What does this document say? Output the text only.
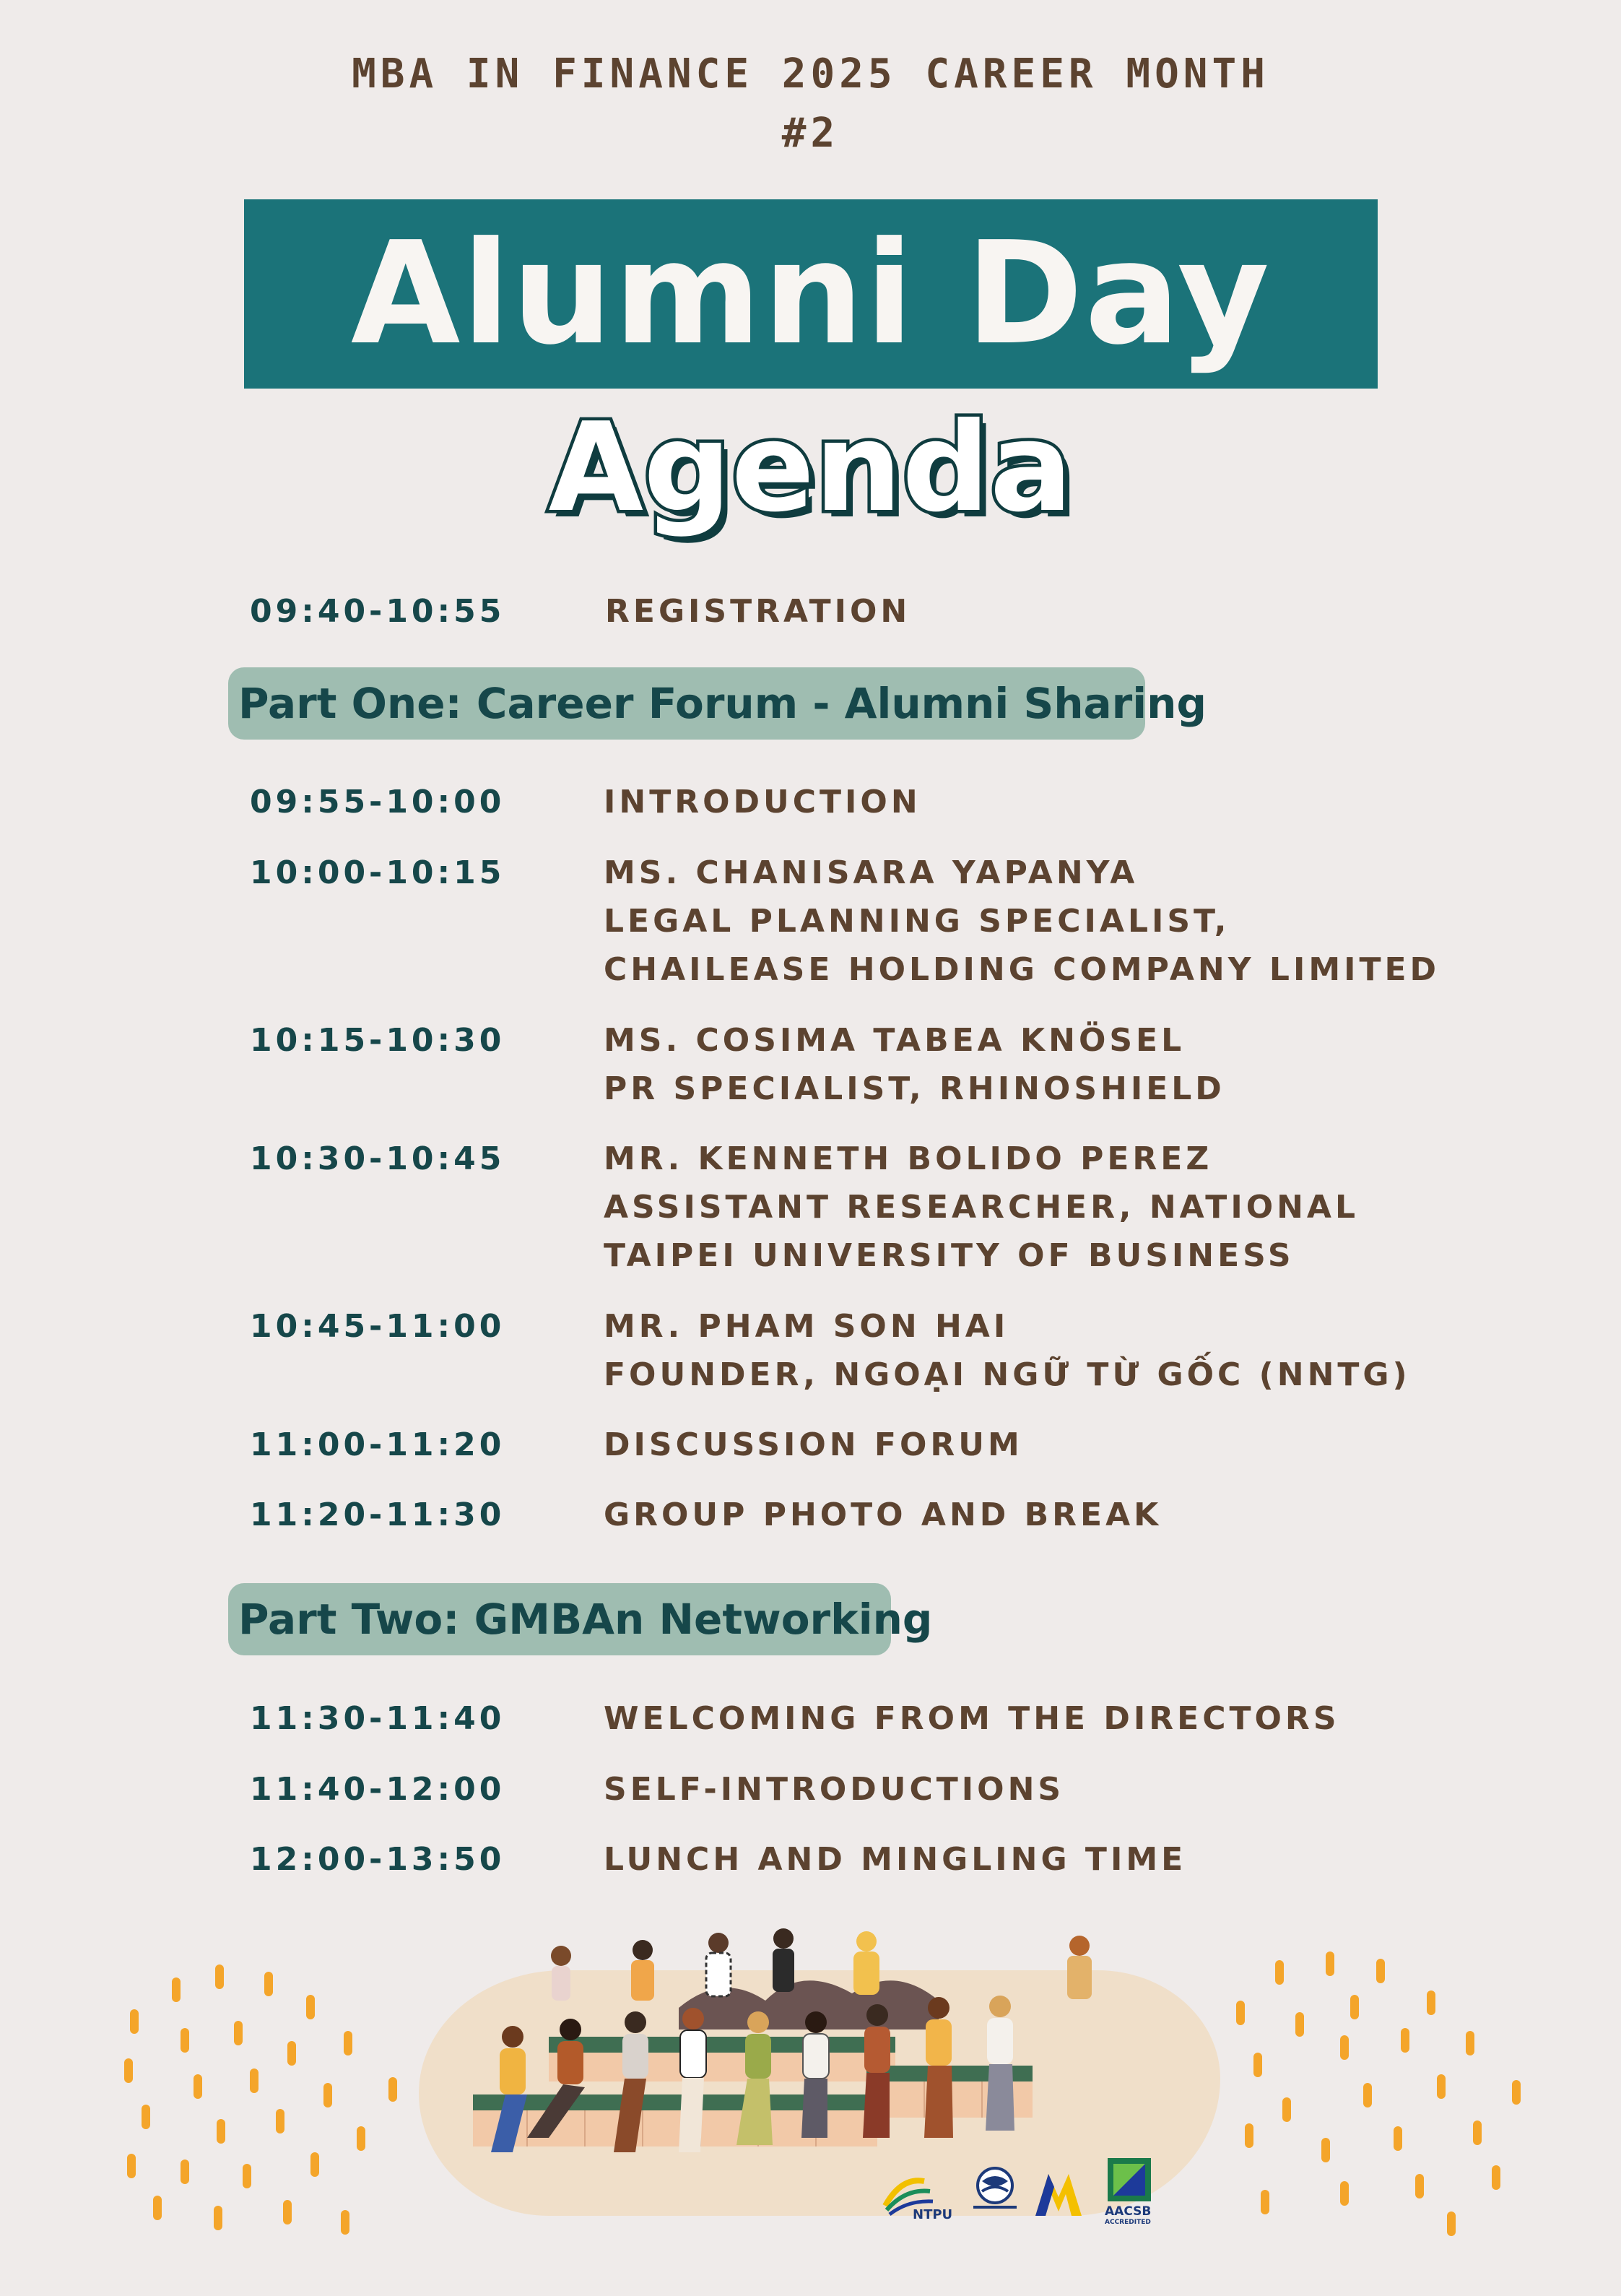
MBA IN FINANCE 2025 CAREER MONTH
#2
Alumni Day
Agenda
09:40-10:55	REGISTRATION
Part One: Career Forum - Alumni Sharing
09:55-10:00	INTRODUCTION
10:00-10:15	MS. CHANISARA YAPANYA
LEGAL PLANNING SPECIALIST,
CHAILEASE HOLDING COMPANY LIMITED
10:15-10:30	MS. COSIMA TABEA KNÖSEL
PR SPECIALIST, RHINOSHIELD
10:30-10:45	MR. KENNETH BOLIDO PEREZ
ASSISTANT RESEARCHER, NATIONAL
TAIPEI UNIVERSITY OF BUSINESS
10:45-11:00	MR. PHAM SON HAI
FOUNDER, NGOẠI NGỮ TỪ GỐC (NNTG)
11:00-11:20	DISCUSSION FORUM
11:20-11:30	GROUP PHOTO AND BREAK
Part Two: GMBAn Networking
11:30-11:40	WELCOMING FROM THE DIRECTORS
11:40-12:00	SELF-INTRODUCTIONS
12:00-13:50	LUNCH AND MINGLING TIME
NTPU	AACSB
ACCREDITED
